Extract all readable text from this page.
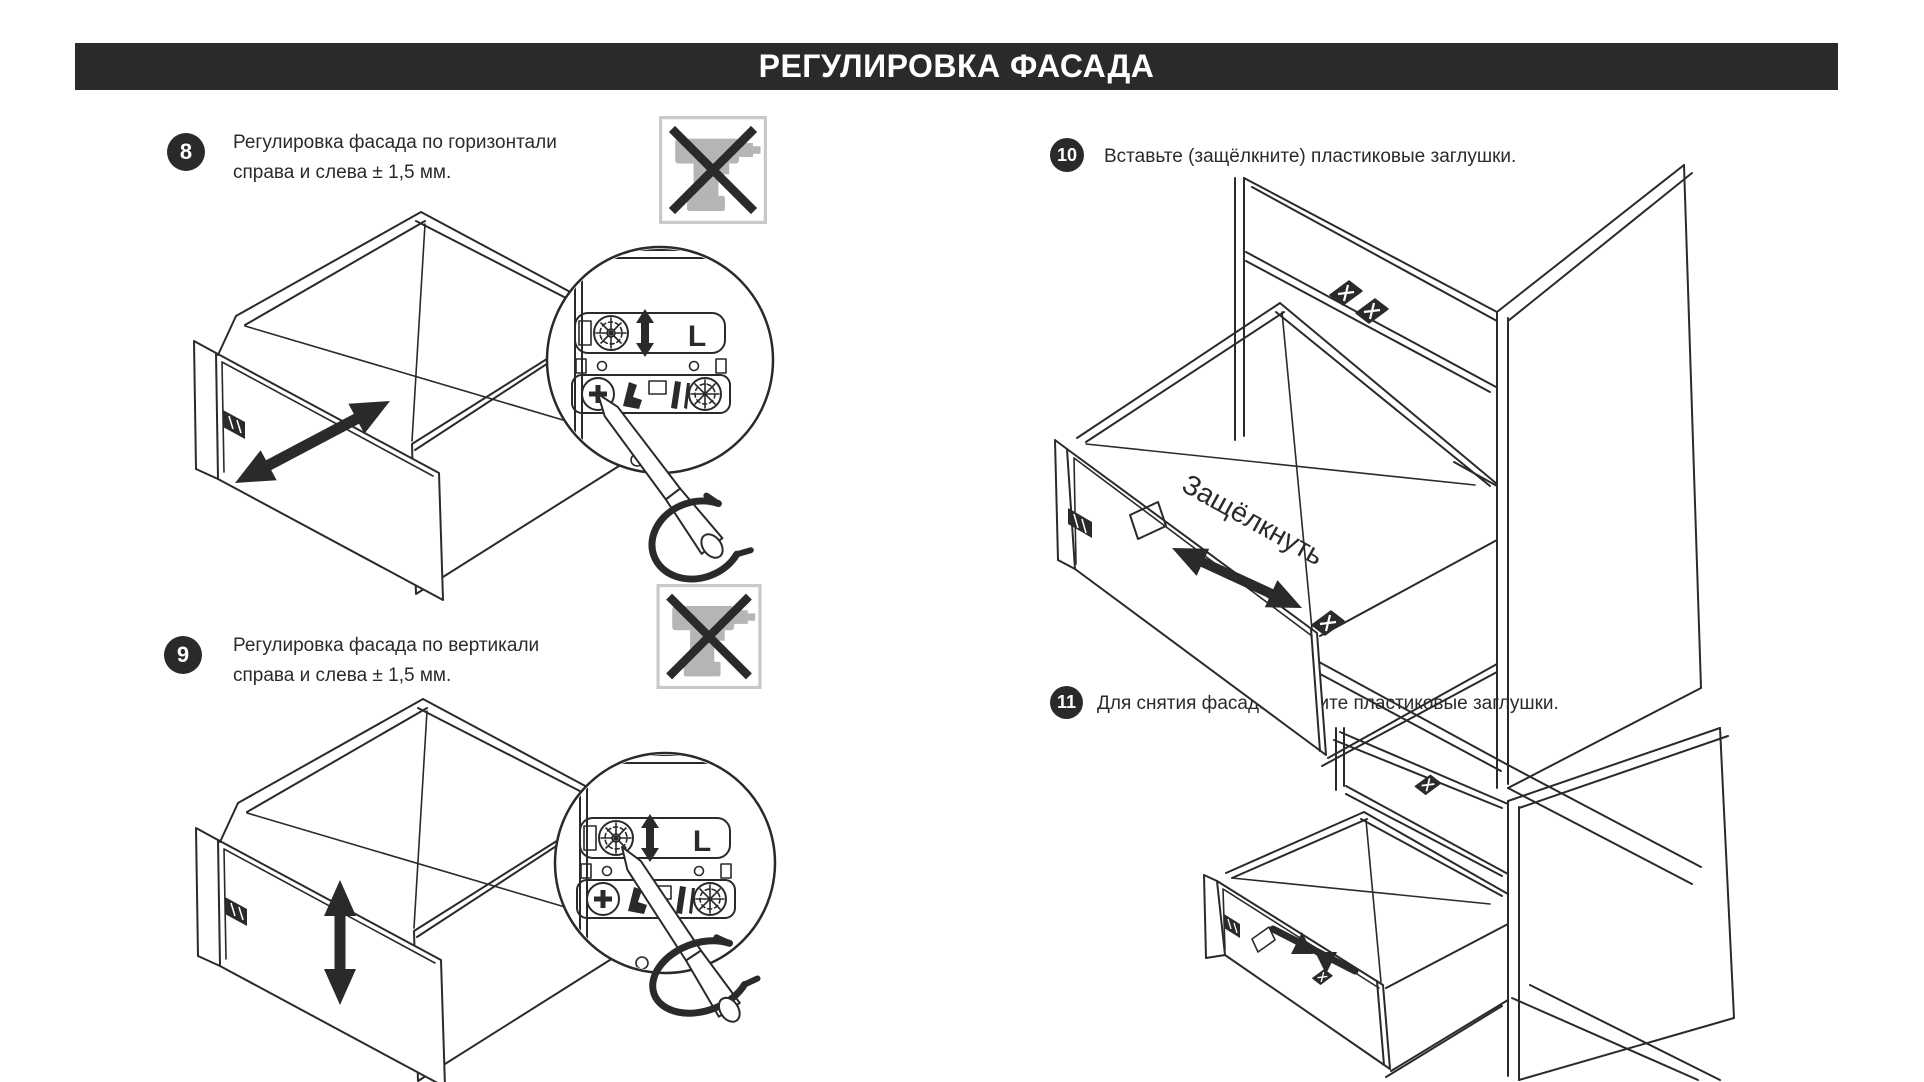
РЕГУЛИРОВКА ФАСАДА
8	Регулировка фасада по горизонтали
справа и слева ± 1,5 мм.
9	Регулировка фасада по вертикали
справа и слева ± 1,5 мм.
10	Вставьте (защёлкните) пластиковые заглушки.
11	Для снятия фасада снимите пластиковые заглушки.
Защёлкнуть
